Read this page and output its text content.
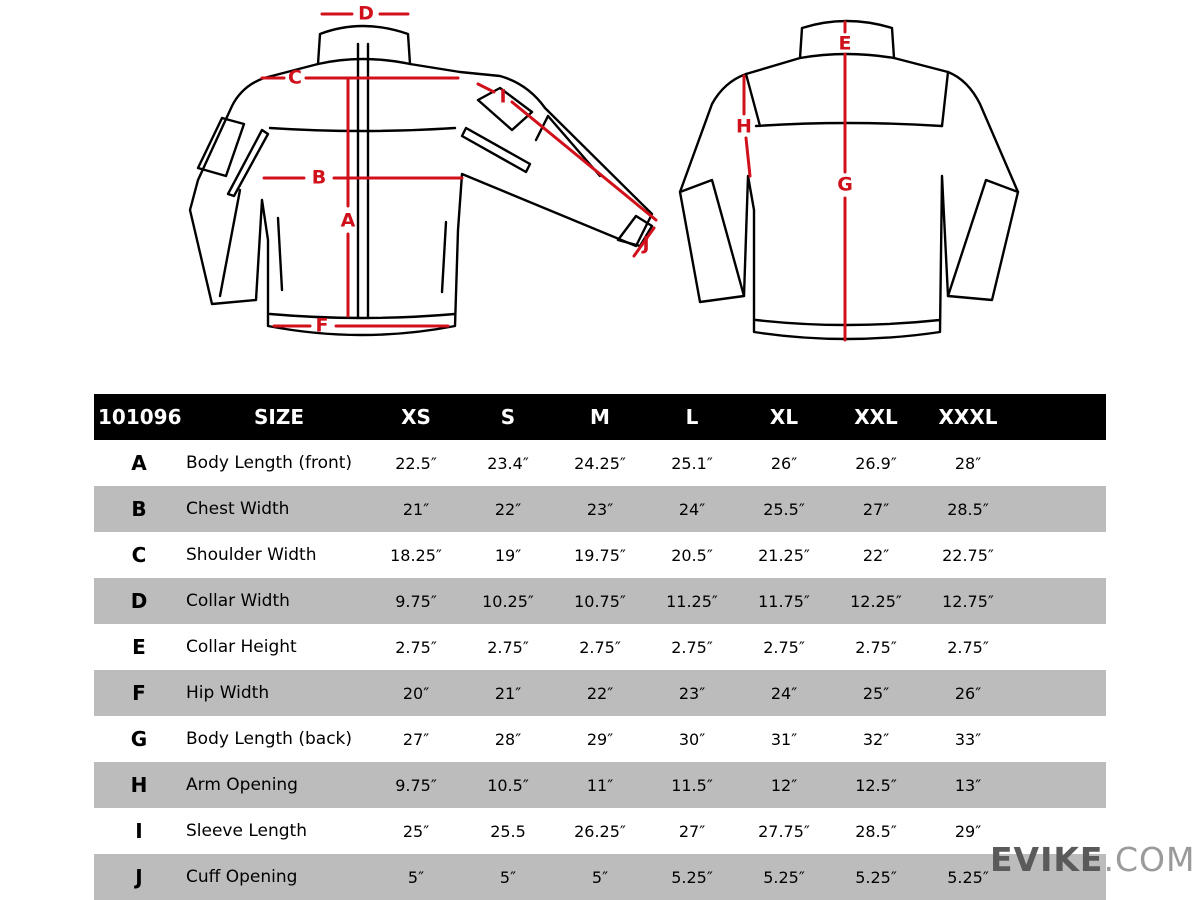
D
C
I
B
A
F
J
E
H
G
101096	SIZE	XS	S	M	L	XL	XXL	XXXL
A	Body Length (front)	22.5″	23.4″	24.25″	25.1″	26″	26.9″	28″
B	Chest Width	21″	22″	23″	24″	25.5″	27″	28.5″
C	Shoulder Width	18.25″	19″	19.75″	20.5″	21.25″	22″	22.75″
D	Collar Width	9.75″	10.25″	10.75″	11.25″	11.75″	12.25″	12.75″
E	Collar Height	2.75″	2.75″	2.75″	2.75″	2.75″	2.75″	2.75″
F	Hip Width	20″	21″	22″	23″	24″	25″	26″
G	Body Length (back)	27″	28″	29″	30″	31″	32″	33″
H	Arm Opening	9.75″	10.5″	11″	11.5″	12″	12.5″	13″
I	Sleeve Length	25″	25.5	26.25″	27″	27.75″	28.5″	29″
J	Cuff Opening	5″	5″	5″	5.25″	5.25″	5.25″	5.25″ EVIKE.COM
